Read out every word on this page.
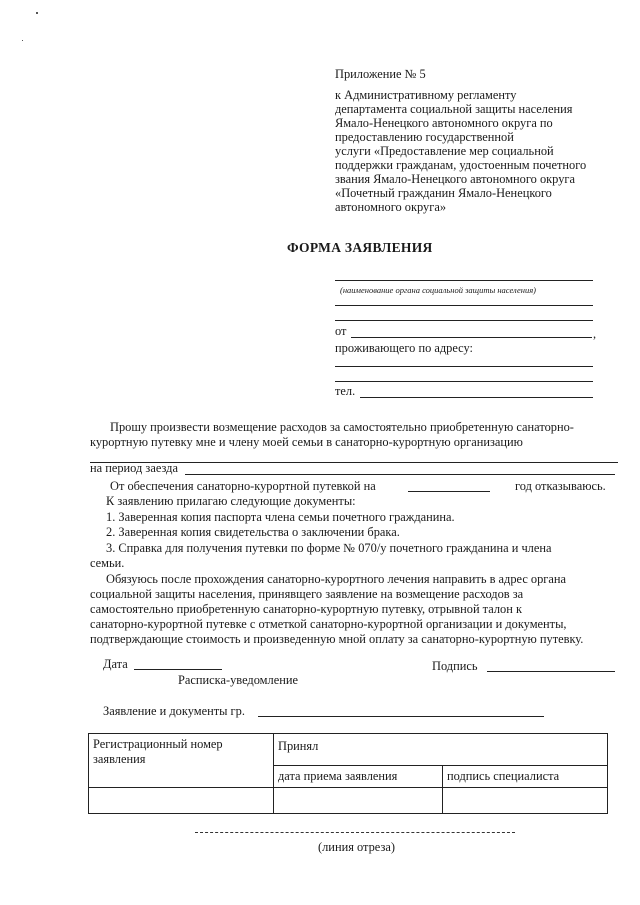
Приложение № 5
к Административному регламенту
департамента социальной защиты населения
Ямало-Ненецкого автономного округа по
предоставлению государственной
услуги «Предоставление мер социальной
поддержки гражданам, удостоенным почетного
звания Ямало-Ненецкого автономного округа
«Почетный гражданин Ямало-Ненецкого
автономного округа»
ФОРМА ЗАЯВЛЕНИЯ
(наименование органа социальной защиты населения)
от	,
проживающего по адресу:
тел.
Прошу произвести возмещение расходов за самостоятельно приобретенную санаторно-
курортную путевку мне и члену моей семьи в санаторно-курортную организацию
на период заезда
От обеспечения санаторно-курортной путевкой на	год отказываюсь.
К заявлению прилагаю следующие документы:
1. Заверенная копия паспорта члена семьи почетного гражданина.
2. Заверенная копия свидетельства о заключении брака.
3. Справка для получения путевки по форме № 070/у почетного гражданина и члена
семьи.
Обязуюсь после прохождения санаторно-курортного лечения направить в адрес органа
социальной защиты населения, принявщего заявление на возмещение расходов за
самостоятельно приобретенную санаторно-курортную путевку, отрывной талон к
санаторно-курортной путевке с отметкой санаторно-курортной организации и документы,
подтверждающие стоимость и произведенную мной оплату за санаторно-курортную путевку.
Дата	Подпись
Расписка-уведомление
Заявление и документы гр.
Регистрационный номер заявления	Принял	
	дата приема заявления	подпись специалиста

(линия отреза)
